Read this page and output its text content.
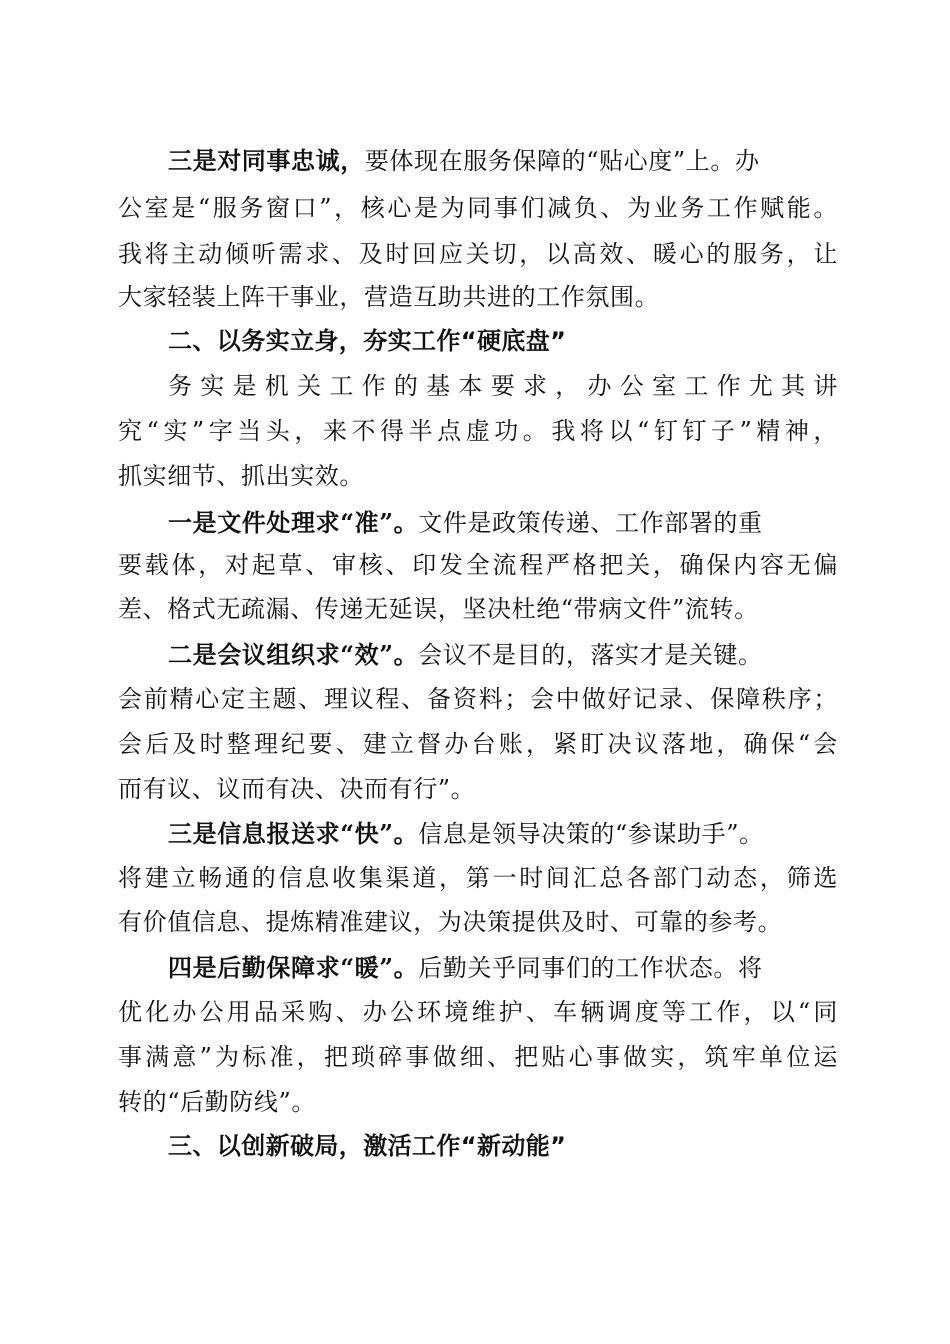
三是对同事忠诚，要体现在服务保障的“贴心度”上。办
公室是“服务窗口”，核心是为同事们减负、为业务工作赋能。
我将主动倾听需求、及时回应关切，以高效、暖心的服务，让
大家轻装上阵干事业，营造互助共进的工作氛围。
二、以务实立身，夯实工作“硬底盘”
务实是机关工作的基本要求，办公室工作尤其讲
究“实”字当头，来不得半点虚功。我将以“钉钉子”精神，
抓实细节、抓出实效。
一是文件处理求“准”。文件是政策传递、工作部署的重
要载体，对起草、审核、印发全流程严格把关，确保内容无偏
差、格式无疏漏、传递无延误，坚决杜绝“带病文件”流转。
二是会议组织求“效”。会议不是目的，落实才是关键。
会前精心定主题、理议程、备资料；会中做好记录、保障秩序；
会后及时整理纪要、建立督办台账，紧盯决议落地，确保“会
而有议、议而有决、决而有行”。
三是信息报送求“快”。信息是领导决策的“参谋助手”。
将建立畅通的信息收集渠道，第一时间汇总各部门动态，筛选
有价值信息、提炼精准建议，为决策提供及时、可靠的参考。
四是后勤保障求“暖”。后勤关乎同事们的工作状态。将
优化办公用品采购、办公环境维护、车辆调度等工作，以“同
事满意”为标准，把琐碎事做细、把贴心事做实，筑牢单位运
转的“后勤防线”。
三、以创新破局，激活工作“新动能”
